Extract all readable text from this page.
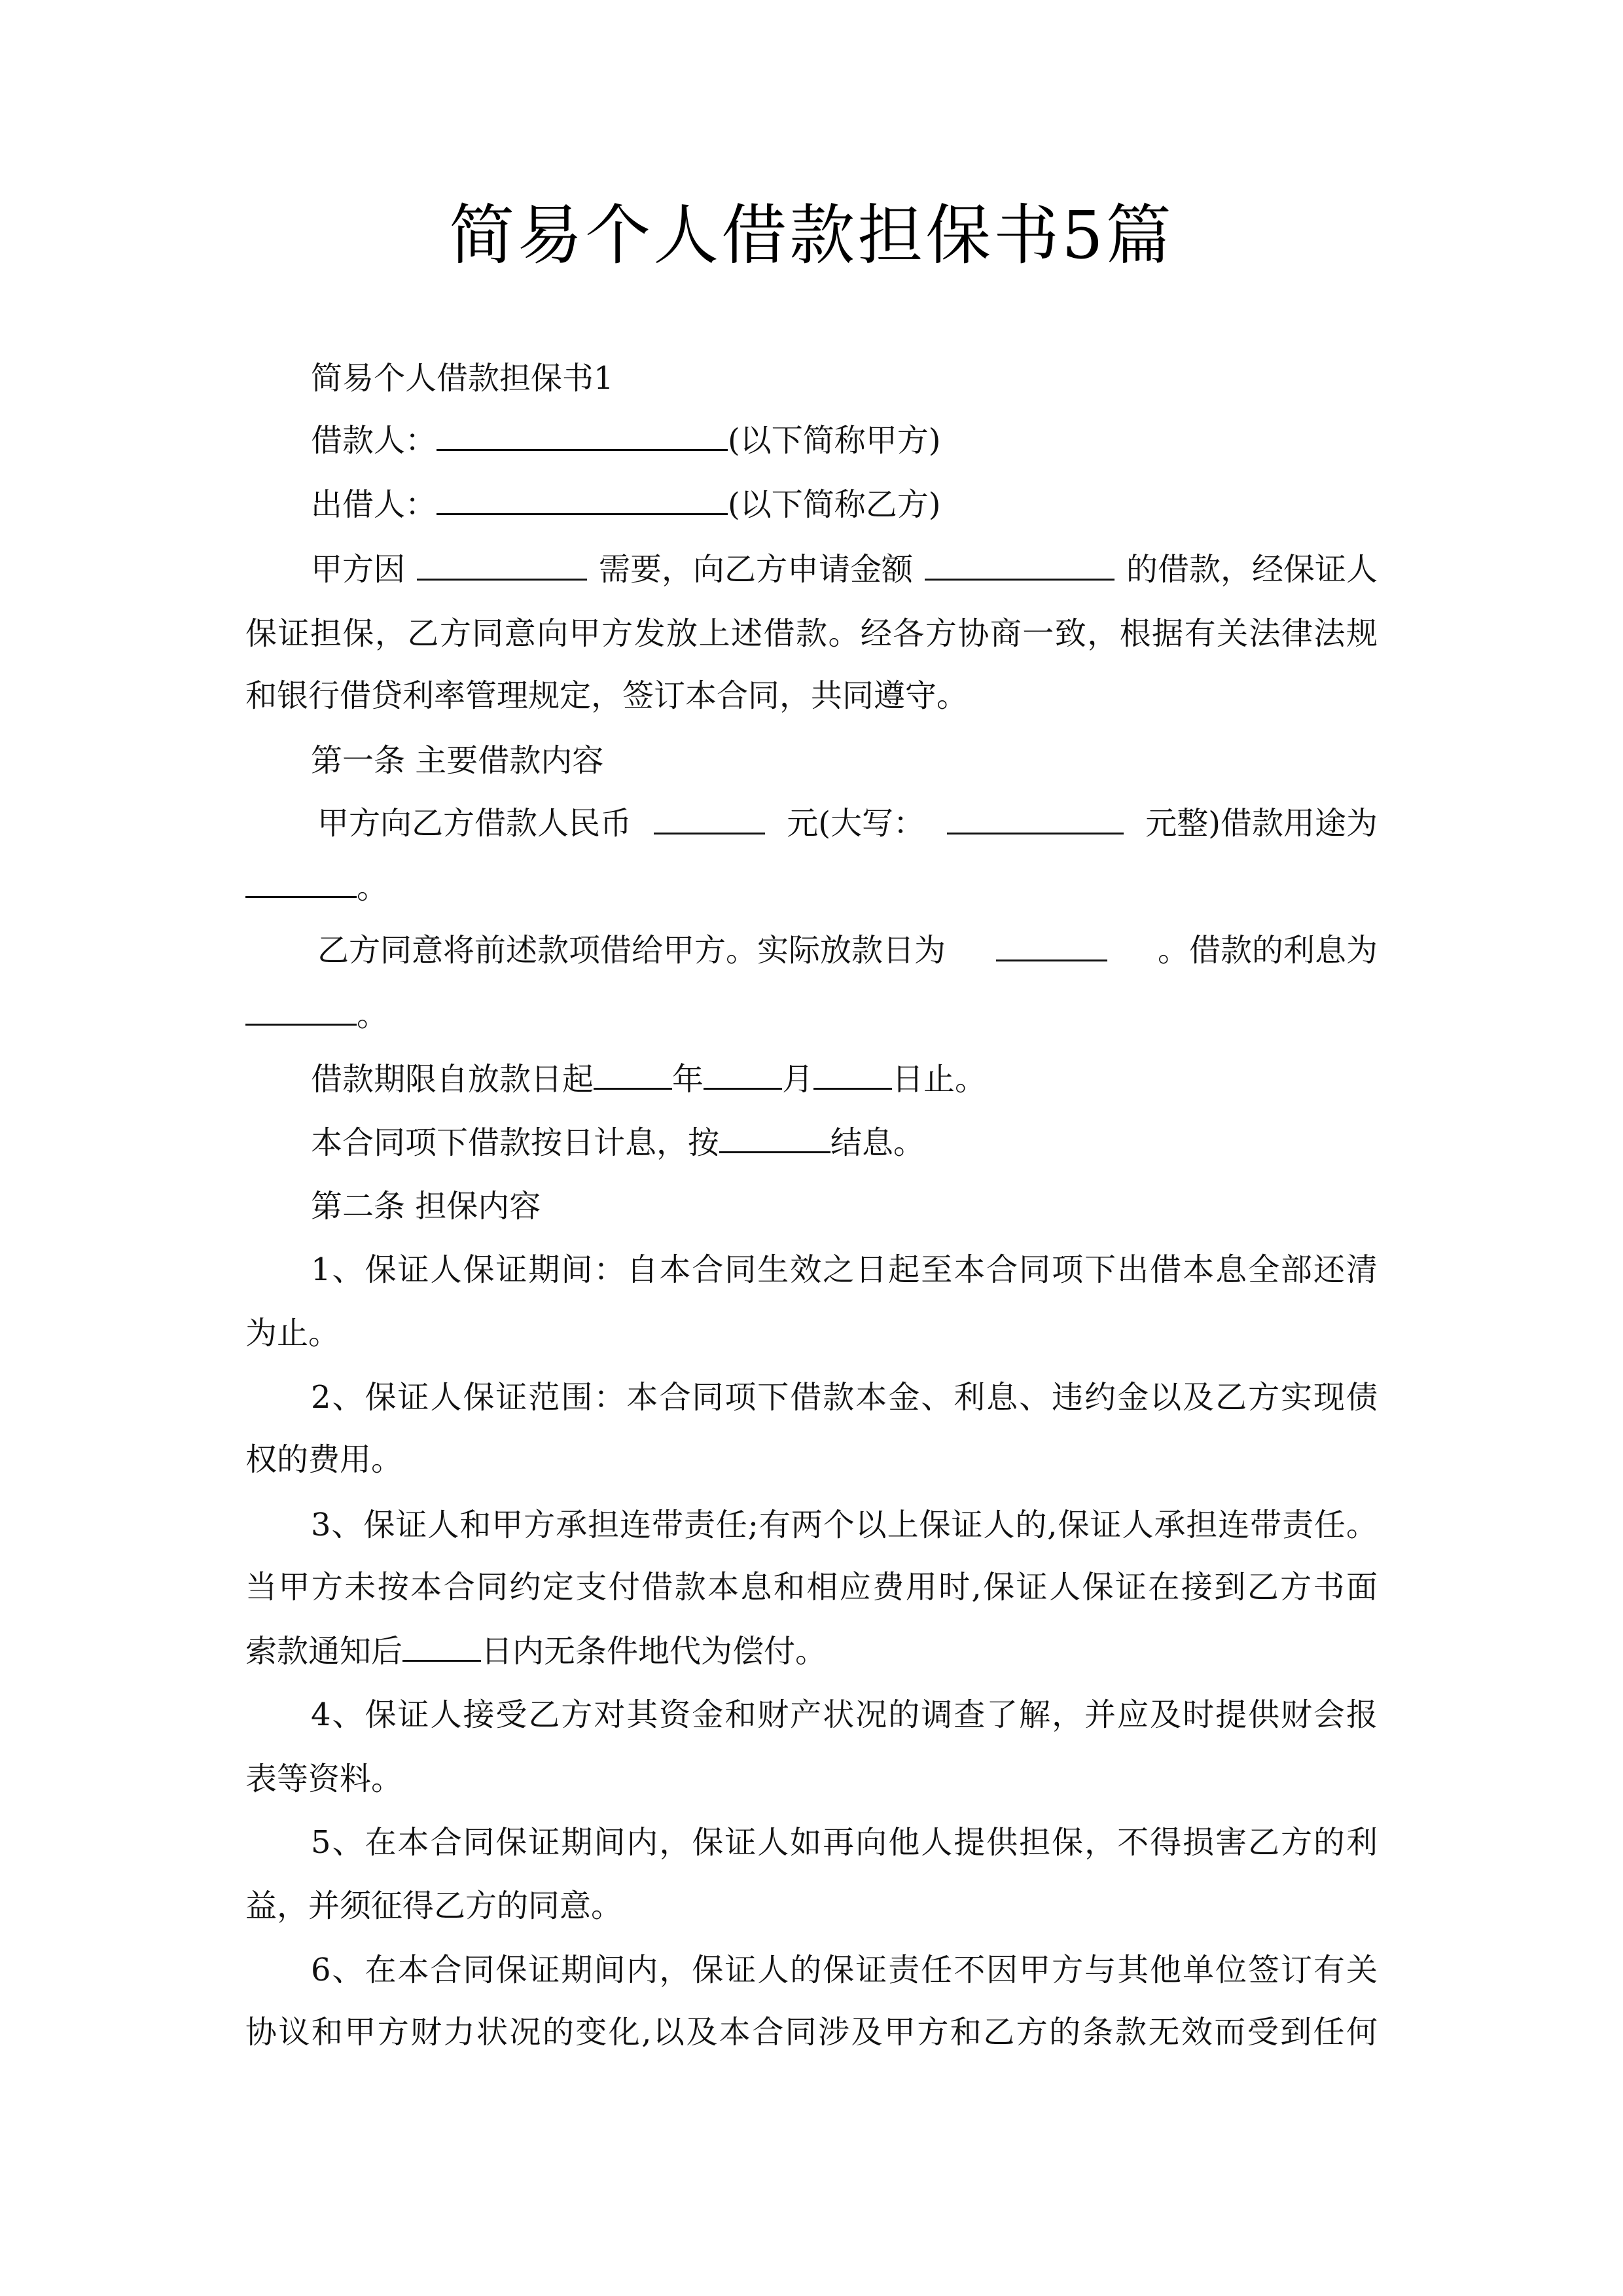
简易个人借款担保书5篇
简易个人借款担保书1
借款人：	(以下简称甲方)
出借人：	(以下简称乙方)
甲方因	需要，向乙方申请金额	的借款，经保证人
保证担保，乙方同意向甲方发放上述借款。经各方协商一致，根据有关法律法规
和银行借贷利率管理规定，签订本合同，共同遵守。
第一条 主要借款内容
甲方向乙方借款人民币	元(大写：	元整)借款用途为
。
乙方同意将前述款项借给甲方。实际放款日为	。借款的利息为
。
借款期限自放款日起	年	月	日止。
本合同项下借款按日计息，按	结息。
第二条 担保内容
1、保证人保证期间：自本合同生效之日起至本合同项下出借本息全部还清
为止。
2、保证人保证范围：本合同项下借款本金、利息、违约金以及乙方实现债
权的费用。
3、保证人和甲方承担连带责任;有两个以上保证人的,保证人承担连带责任。
当甲方未按本合同约定支付借款本息和相应费用时,保证人保证在接到乙方书面
索款通知后	日内无条件地代为偿付。
4、保证人接受乙方对其资金和财产状况的调查了解，并应及时提供财会报
表等资料。
5、在本合同保证期间内，保证人如再向他人提供担保，不得损害乙方的利
益，并须征得乙方的同意。
6、在本合同保证期间内，保证人的保证责任不因甲方与其他单位签订有关
协议和甲方财力状况的变化,以及本合同涉及甲方和乙方的条款无效而受到任何
